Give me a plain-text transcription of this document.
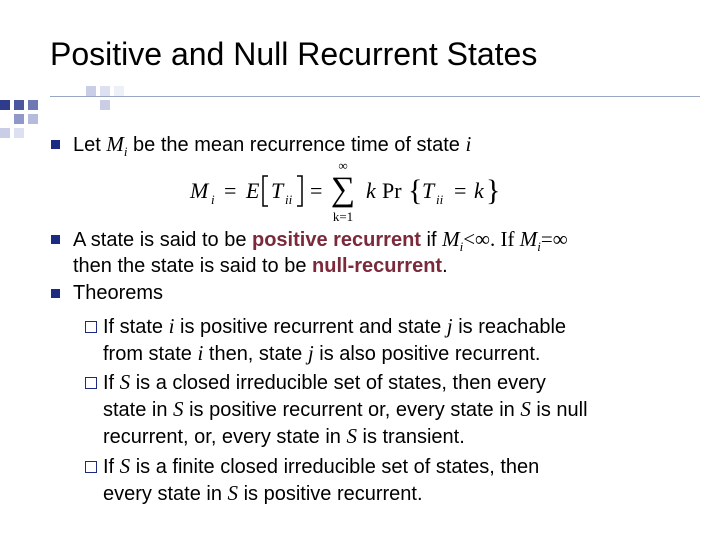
Positive and Null Recurrent States
Let $M_i$ be the mean recurrence time of state i
M i = E T ii =
∞
∑
k=1
k Pr { T ii = k }
A state is said to be positive recurrent if $M_i<\infty$. If $M_i=\infty$
then the state is said to be null-recurrent.
Theorems
If state i is positive recurrent and state j is reachable
from state i then, state j is also positive recurrent.
If S is a closed irreducible set of states, then every
state in S is positive recurrent or, every state in S is null
recurrent, or, every state in S is transient.
If S is a finite closed irreducible set of states, then
every state in S is positive recurrent.
